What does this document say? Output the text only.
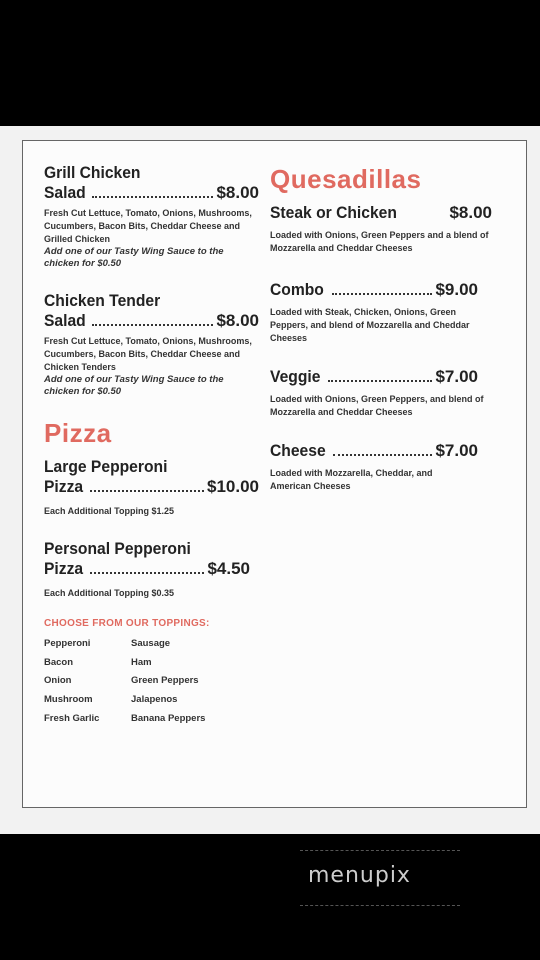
Grill Chicken
Salad	$8.00
Fresh Cut Lettuce, Tomato, Onions, Mushrooms, Cucumbers, Bacon Bits, Cheddar Cheese and Grilled Chicken
Add one of our Tasty Wing Sauce to the chicken for $0.50
Chicken Tender
Salad	$8.00
Fresh Cut Lettuce, Tomato, Onions, Mushrooms, Cucumbers, Bacon Bits, Cheddar Cheese and Chicken Tenders
Add one of our Tasty Wing Sauce to the chicken for $0.50
Pizza
Large Pepperoni
Pizza	$10.00
Each Additional Topping $1.25
Personal Pepperoni
Pizza	$4.50
Each Additional Topping $0.35
CHOOSE FROM OUR TOPPINGS:
Pepperoni
Bacon
Onion
Mushroom
Fresh Garlic
Sausage
Ham
Green Peppers
Jalapenos
Banana Peppers
Quesadillas
Steak or Chicken	$8.00
Loaded with Onions, Green Peppers and a blend of Mozzarella and Cheddar Cheeses
Combo	$9.00
Loaded with Steak, Chicken, Onions, Green Peppers, and blend of Mozzarella and Cheddar Cheeses
Veggie	$7.00
Loaded with Onions, Green Peppers, and blend of Mozzarella and Cheddar Cheeses
Cheese	$7.00
Loaded with Mozzarella, Cheddar, and American Cheeses
menupix
